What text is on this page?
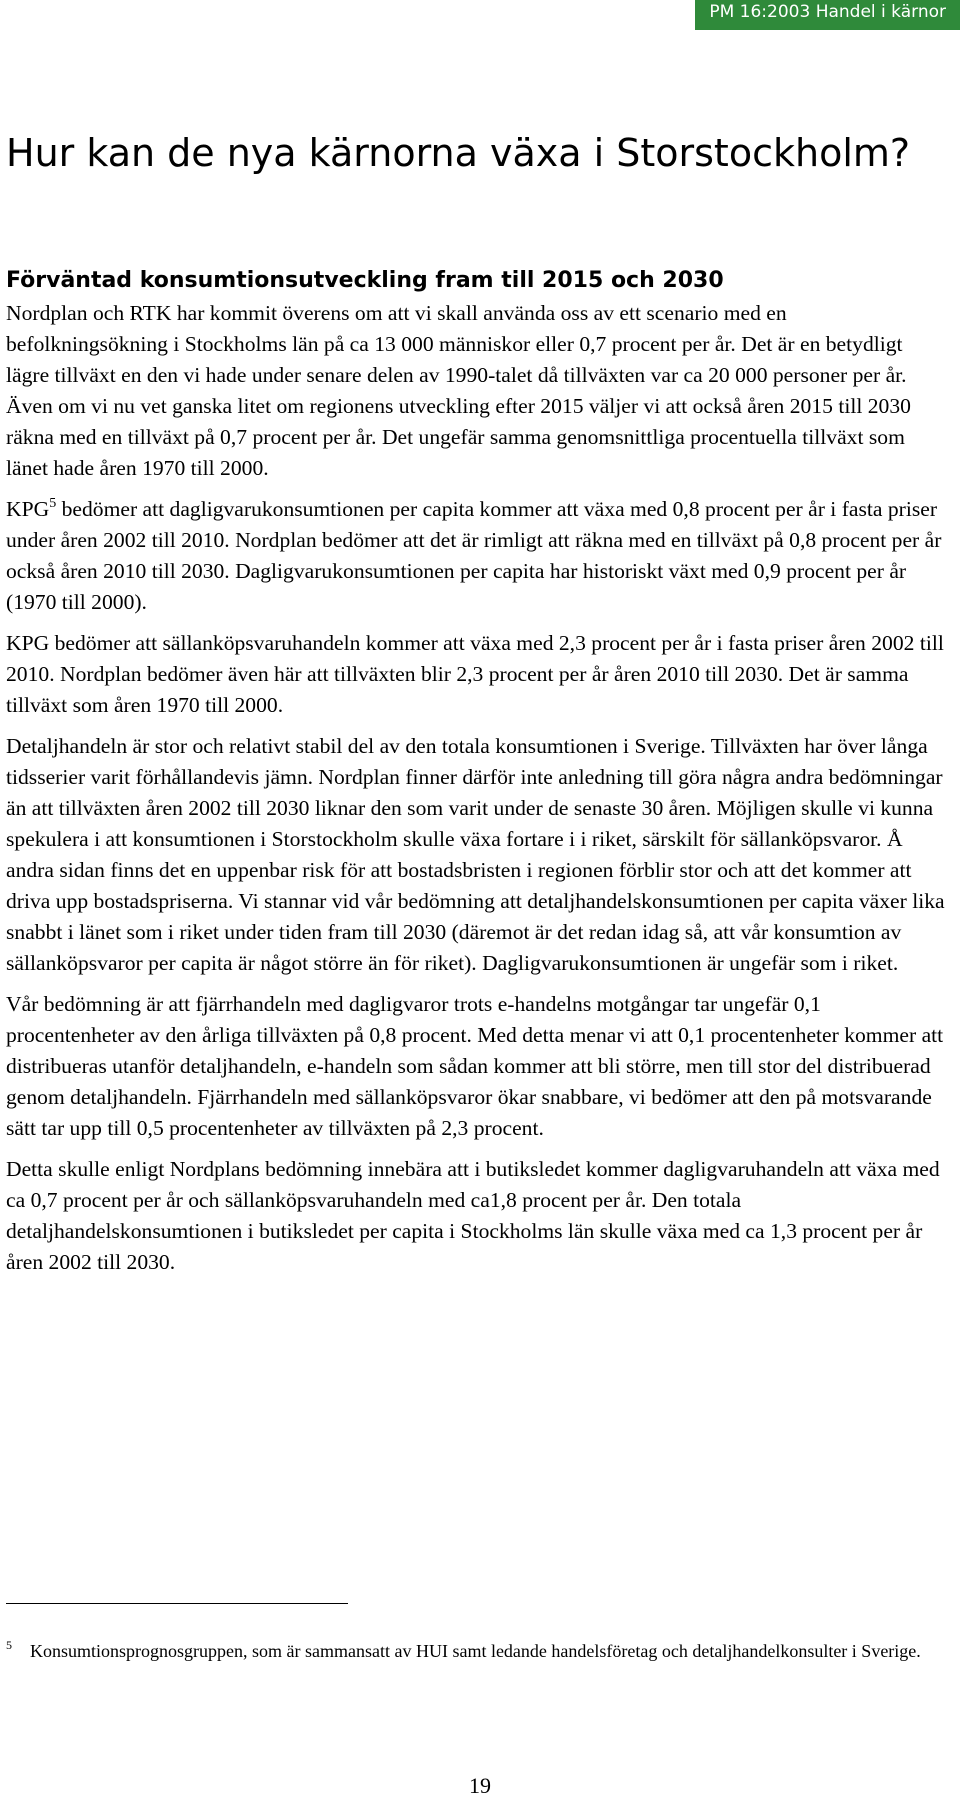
PM 16:2003 Handel i kärnor
Hur kan de nya kärnorna växa i Storstockholm?
Förväntad konsumtionsutveckling fram till 2015 och 2030

Nordplan och RTK har kommit överens om att vi skall använda oss av ett scenario med en befolkningsökning i Stockholms län på ca 13 000 människor eller 0,7 procent per år. Det är en betydligt lägre tillväxt en den vi hade under senare delen av 1990-talet då tillväxten var ca 20 000 personer per år. Även om vi nu vet ganska litet om regionens utveckling efter 2015 väljer vi att också åren 2015 till 2030 räkna med en tillväxt på 0,7 procent per år. Det ungefär samma genomsnittliga procentuella tillväxt som länet hade åren 1970 till 2000.

KPG$^5$ bedömer att dagligvarukonsumtionen per capita kommer att växa med 0,8 procent per år i fasta priser under åren 2002 till 2010. Nordplan bedömer att det är rimligt att räkna med en tillväxt på 0,8 procent per år också åren 2010 till 2030. Dagligvarukonsumtionen per capita har historiskt växt med 0,9 procent per år (1970 till 2000).

KPG bedömer att sällanköpsvaruhandeln kommer att växa med 2,3 procent per år i fasta priser åren 2002 till 2010. Nordplan bedömer även här att tillväxten blir 2,3 procent per år åren 2010 till 2030. Det är samma tillväxt som åren 1970 till 2000.

Detaljhandeln är stor och relativt stabil del av den totala konsumtionen i Sverige. Tillväxten har över långa tidsserier varit förhållandevis jämn. Nordplan finner därför inte anledning till göra några andra bedömningar än att tillväxten åren 2002 till 2030 liknar den som varit under de senaste 30 åren. Möjligen skulle vi kunna spekulera i att konsumtionen i Storstockholm skulle växa fortare i i riket, särskilt för sällanköpsvaror. Å andra sidan finns det en uppenbar risk för att bostadsbristen i regionen förblir stor och att det kommer att driva upp bostadspriserna. Vi stannar vid vår bedömning att detaljhandelskonsumtionen per capita växer lika snabbt i länet som i riket under tiden fram till 2030 (däremot är det redan idag så, att vår konsumtion av sällanköpsvaror per capita är något större än för riket). Dagligvarukonsumtionen är ungefär som i riket.

Vår bedömning är att fjärrhandeln med dagligvaror trots e-handelns motgångar tar ungefär 0,1 procentenheter av den årliga tillväxten på 0,8 procent. Med detta menar vi att 0,1 procentenheter kommer att distribueras utanför detaljhandeln, e-handeln som sådan kommer att bli större, men till stor del distribuerad genom detaljhandeln. Fjärrhandeln med sällanköpsvaror ökar snabbare, vi bedömer att den på motsvarande sätt tar upp till 0,5 procentenheter av tillväxten på 2,3 procent.

Detta skulle enligt Nordplans bedömning innebära att i butiksledet kommer dagligvaruhandeln att växa med ca 0,7 procent per år och sällanköpsvaruhandeln med ca1,8 procent per år. Den totala detaljhandelskonsumtionen i butiksledet per capita i Stockholms län skulle växa med ca 1,3 procent per år åren 2002 till 2030.

$^5$ Konsumtionsprognosgruppen, som är sammansatt av HUI samt ledande handelsföretag och detaljhandelkonsulter i Sverige.
19
